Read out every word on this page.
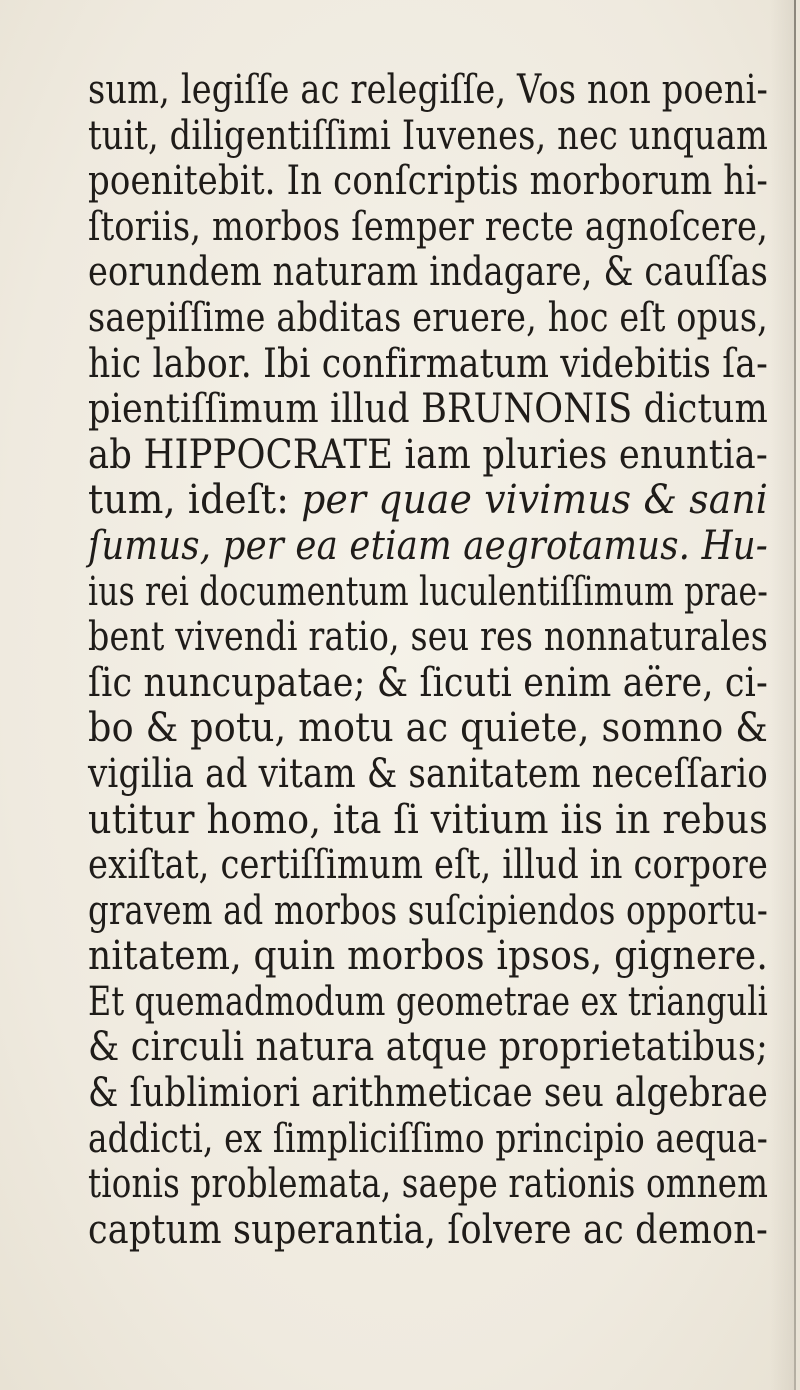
sum, legiſſe ac relegiſſe, Vos non poeni-
tuit, diligentiſſimi Iuvenes, nec unquam
poenitebit. In conſcriptis morborum hi-
ſtoriis, morbos ſemper recte agnoſcere,
eorundem naturam indagare, & cauſſas
saepiſſime abditas eruere, hoc eſt opus,
hic labor. Ibi confirmatum videbitis ſa-
pientiſſimum illud BRUNONIS dictum
ab HIPPOCRATE iam pluries enuntia-
tum, ideſt: per quae vivimus & sani
ſumus, per ea etiam aegrotamus. Hu-
ius rei documentum luculentiſſimum prae-
bent vivendi ratio, seu res nonnaturales
ſic nuncupatae; & ſicuti enim aëre, ci-
bo & potu, motu ac quiete, somno &
vigilia ad vitam & sanitatem neceſſario
utitur homo, ita ſi vitium iis in rebus
exiſtat, certiſſimum eſt, illud in corpore
gravem ad morbos suſcipiendos opportu-
nitatem, quin morbos ipsos, gignere.
Et quemadmodum geometrae ex trianguli
& circuli natura atque proprietatibus;
& ſublimiori arithmeticae seu algebrae
addicti, ex ſimpliciſſimo principio aequa-
tionis problemata, saepe rationis omnem
captum superantia, ſolvere ac demon-
